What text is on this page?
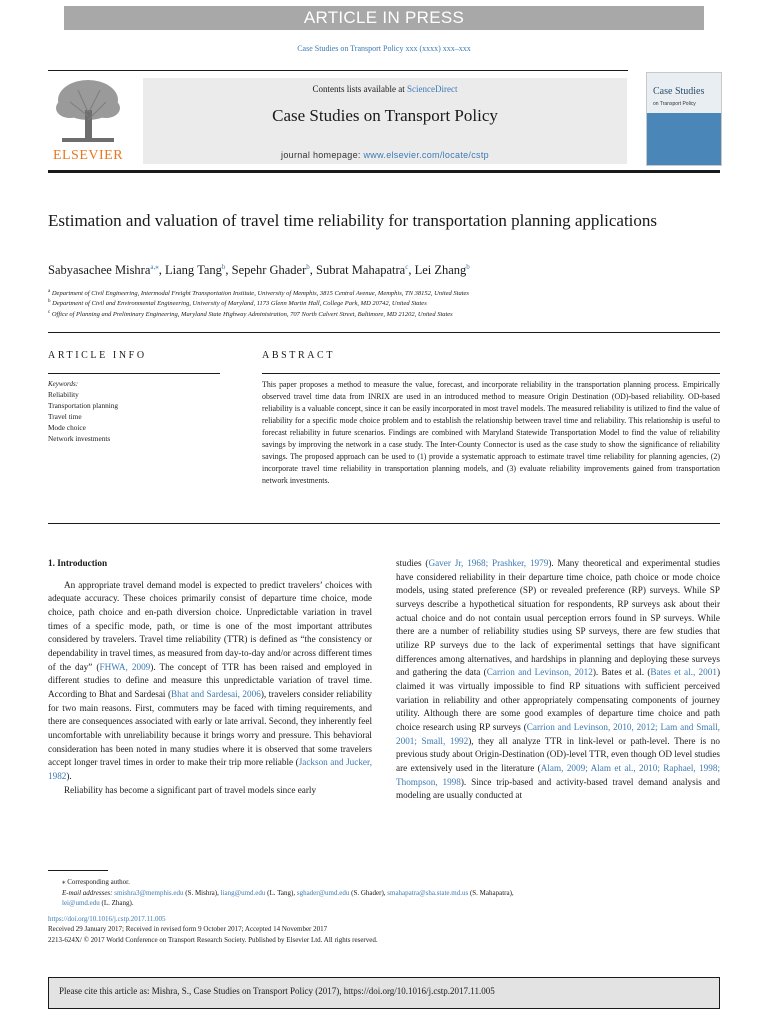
ARTICLE IN PRESS
Case Studies on Transport Policy xxx (xxxx) xxx–xxx
ELSEVIER
Contents lists available at ScienceDirect
Case Studies on Transport Policy
journal homepage: www.elsevier.com/locate/cstp
Case Studies
on Transport Policy
Estimation and valuation of travel time reliability for transportation planning applications
Sabyasachee Mishra$^{a,⁎}$, Liang Tang$^b$, Sepehr Ghader$^b$, Subrat Mahapatra$^c$, Lei Zhang$^b$
$^a$ Department of Civil Engineering, Intermodal Freight Transportation Institute, University of Memphis, 3815 Central Avenue, Memphis, TN 38152, United States
$^b$ Department of Civil and Environmental Engineering, University of Maryland, 1173 Glenn Martin Hall, College Park, MD 20742, United States
$^c$ Office of Planning and Preliminary Engineering, Maryland State Highway Administration, 707 North Calvert Street, Baltimore, MD 21202, United States
ARTICLE INFO
Keywords:
Reliability
Transportation planning
Travel time
Mode choice
Network investments
ABSTRACT
This paper proposes a method to measure the value, forecast, and incorporate reliability in the transportation planning process. Empirically observed travel time data from INRIX are used in an introduced method to measure Origin Destination (OD)-based reliability. OD-based reliability is a valuable concept, since it can be easily incorporated in most travel models. The measured reliability is utilized to find the value of reliability for a specific mode choice problem and to establish the relationship between travel time and reliability. This relationship is useful to forecast reliability in future scenarios. Findings are combined with Maryland Statewide Transportation Model to find the value of reliability savings by improving the network in a case study. The Inter-County Connector is used as the case study to show the significance of reliability savings. The proposed approach can be used to (1) provide a systematic approach to estimate travel time reliability for planning agencies, (2) incorporate travel time reliability in transportation planning models, and (3) evaluate reliability improvements gained from transportation network investments.

1. Introduction

An appropriate travel demand model is expected to predict travelers’ choices with adequate accuracy. These choices primarily consist of departure time choice, mode choice, path choice and en-path diversion choice. Unpredictable variation in travel times of a specific mode, path, or time is one of the most important attributes considered by travelers. Travel time reliability (TTR) is defined as “the consistency or dependability in travel times, as measured from day-to-day and/or across different times of the day” (FHWA, 2009). The concept of TTR has been raised and employed in different studies to define and measure this unpredictable variation of travel time. According to Bhat and Sardesai (Bhat and Sardesai, 2006), travelers consider reliability for two main reasons. First, commuters may be faced with timing requirements, and there are consequences associated with early or late arrival. Second, they inherently feel uncomfortable with unreliability because it brings worry and pressure. This behavioral consideration has been noted in many studies where it is observed that some travelers accept longer travel times in order to make their trip more reliable (Jackson and Jucker, 1982).

Reliability has become a significant part of travel models since early

studies (Gaver Jr, 1968; Prashker, 1979). Many theoretical and experimental studies have considered reliability in their departure time choice, path choice or mode choice models, using stated preference (SP) or revealed preference (RP) surveys. While SP surveys describe a hypothetical situation for respondents, RP surveys ask about their actual choice and do not contain usual perception errors found in SP surveys. While there are a number of reliability studies using SP surveys, there are few studies that utilize RP surveys due to the lack of experimental settings that have significant differences among alternatives, and hardships in planning and deploying these surveys and gathering the data (Carrion and Levinson, 2012). Bates et al. (Bates et al., 2001) claimed it was virtually impossible to find RP situations with sufficient perceived variation in reliability and other appropriately compensating components of journey utility. Although there are some good examples of departure time choice and path choice research using RP surveys (Carrion and Levinson, 2010, 2012; Lam and Small, 2001; Small, 1992), they all analyze TTR in link-level or path-level. There is no previous study about Origin-Destination (OD)-level TTR, even though OD level studies are extensively used in the literature (Alam, 2009; Alam et al., 2010; Raphael, 1998; Thompson, 1998). Since trip-based and activity-based travel demand analysis and modeling are usually conducted at

⁎ Corresponding author.
E-mail addresses: smishra3@memphis.edu (S. Mishra), liang@umd.edu (L. Tang), sghader@umd.edu (S. Ghader), smahapatra@sha.state.md.us (S. Mahapatra),
lei@umd.edu (L. Zhang).
https://doi.org/10.1016/j.cstp.2017.11.005
Received 29 January 2017; Received in revised form 9 October 2017; Accepted 14 November 2017
2213-624X/ © 2017 World Conference on Transport Research Society. Published by Elsevier Ltd. All rights reserved.
Please cite this article as: Mishra, S., Case Studies on Transport Policy (2017), https://doi.org/10.1016/j.cstp.2017.11.005
